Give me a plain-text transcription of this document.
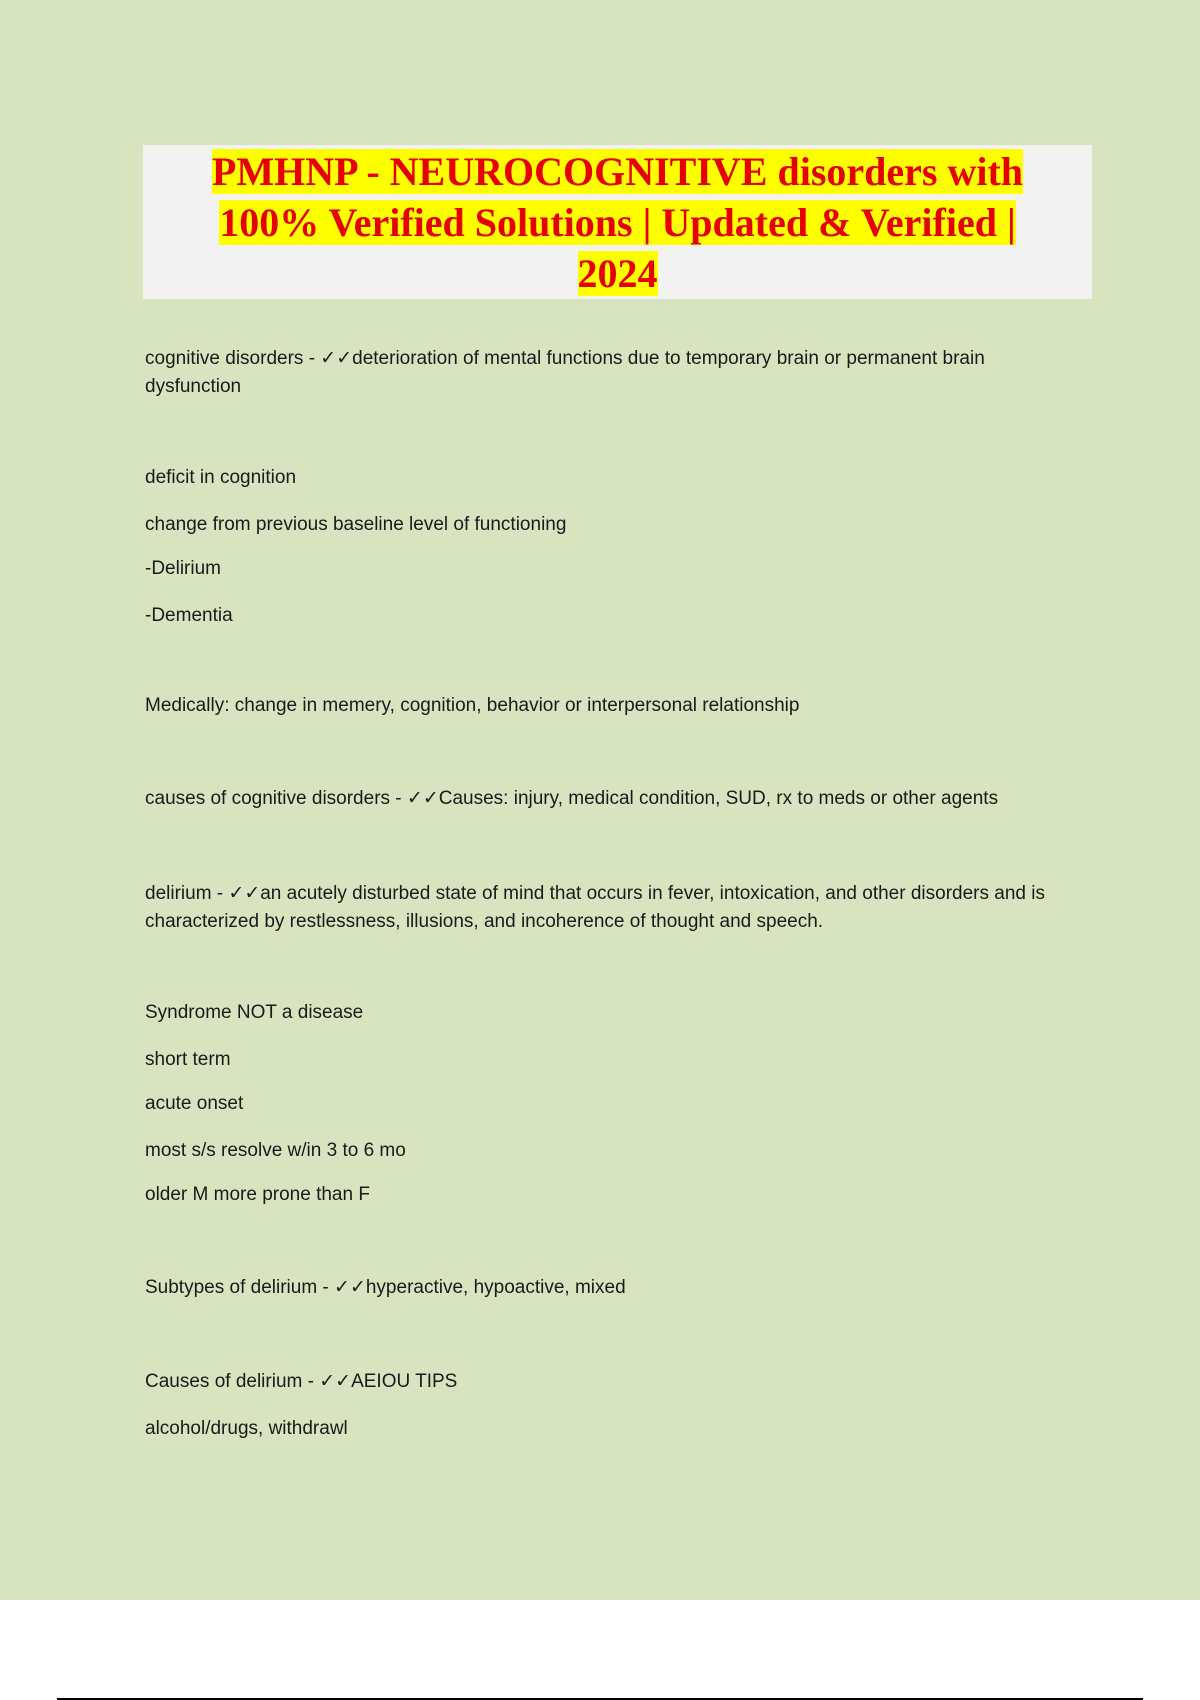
PMHNP - NEUROCOGNITIVE disorders with
100% Verified Solutions | Updated & Verified |
2024

cognitive disorders - ✓✓deterioration of mental functions due to temporary brain or permanent brain dysfunction

deficit in cognition

change from previous baseline level of functioning

-Delirium

-Dementia

Medically: change in memery, cognition, behavior or interpersonal relationship

causes of cognitive disorders - ✓✓Causes: injury, medical condition, SUD, rx to meds or other agents

delirium - ✓✓an acutely disturbed state of mind that occurs in fever, intoxication, and other disorders and is characterized by restlessness, illusions, and incoherence of thought and speech.

Syndrome NOT a disease

short term

acute onset

most s/s resolve w/in 3 to 6 mo

older M more prone than F

Subtypes of delirium - ✓✓hyperactive, hypoactive, mixed

Causes of delirium - ✓✓AEIOU TIPS

alcohol/drugs, withdrawl
